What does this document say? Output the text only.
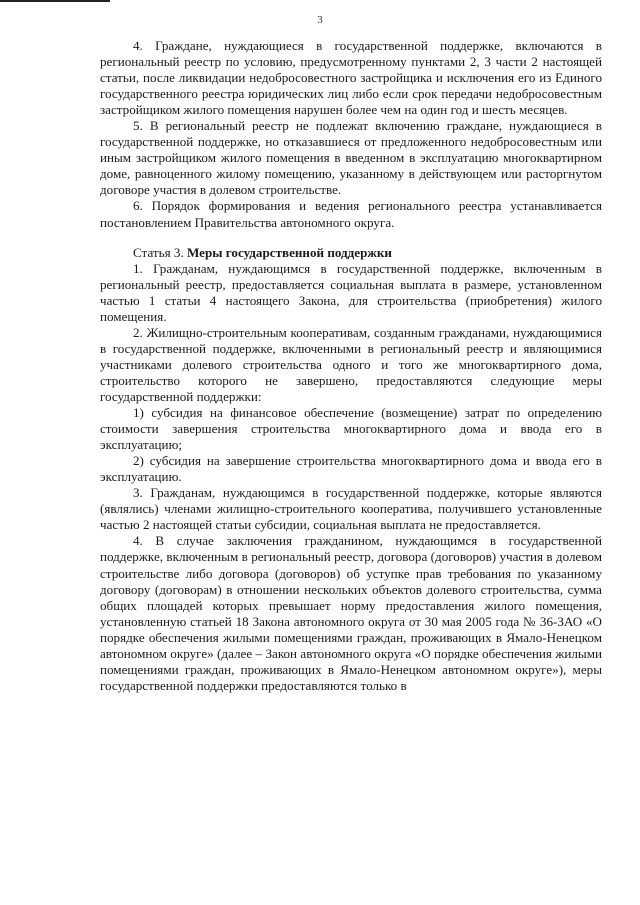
3

4. Граждане, нуждающиеся в государственной поддержке, включаются в региональный реестр по условию, предусмотренному пунктами 2, 3 части 2 настоящей статьи, после ликвидации недобросовестного застройщика и исключения его из Единого государственного реестра юридических лиц либо если срок передачи недобросовестным застройщиком жилого помещения нарушен более чем на один год и шесть месяцев.

5. В региональный реестр не подлежат включению граждане, нуждающиеся в государственной поддержке, но отказавшиеся от предложенного недобросовестным или иным застройщиком жилого помещения в введенном в эксплуатацию многоквартирном доме, равноценного жилому помещению, указанному в действующем или расторгнутом договоре участия в долевом строительстве.

6. Порядок формирования и ведения регионального реестра устанавливается постановлением Правительства автономного округа.

Статья 3. Меры государственной поддержки

1. Гражданам, нуждающимся в государственной поддержке, включенным в региональный реестр, предоставляется социальная выплата в размере, установленном частью 1 статьи 4 настоящего Закона, для строительства (приобретения) жилого помещения.

2. Жилищно-строительным кооперативам, созданным гражданами, нуждающимися в государственной поддержке, включенными в региональный реестр и являющимися участниками долевого строительства одного и того же многоквартирного дома, строительство которого не завершено, предоставляются следующие меры государственной поддержки:

1) субсидия на финансовое обеспечение (возмещение) затрат по определению стоимости завершения строительства многоквартирного дома и ввода его в эксплуатацию;

2) субсидия на завершение строительства многоквартирного дома и ввода его в эксплуатацию.

3. Гражданам, нуждающимся в государственной поддержке, которые являются (являлись) членами жилищно-строительного кооператива, получившего установленные частью 2 настоящей статьи субсидии, социальная выплата не предоставляется.

4. В случае заключения гражданином, нуждающимся в государственной поддержке, включенным в региональный реестр, договора (договоров) участия в долевом строительстве либо договора (договоров) об уступке прав требования по указанному договору (договорам) в отношении нескольких объектов долевого строительства, сумма общих площадей которых превышает норму предоставления жилого помещения, установленную статьей 18 Закона автономного округа от 30 мая 2005 года № 36-ЗАО «О порядке обеспечения жилыми помещениями граждан, проживающих в Ямало-Ненецком автономном округе» (далее – Закон автономного округа «О порядке обеспечения жилыми помещениями граждан, проживающих в Ямало-Ненецком автономном округе»), меры государственной поддержки предоставляются только в
